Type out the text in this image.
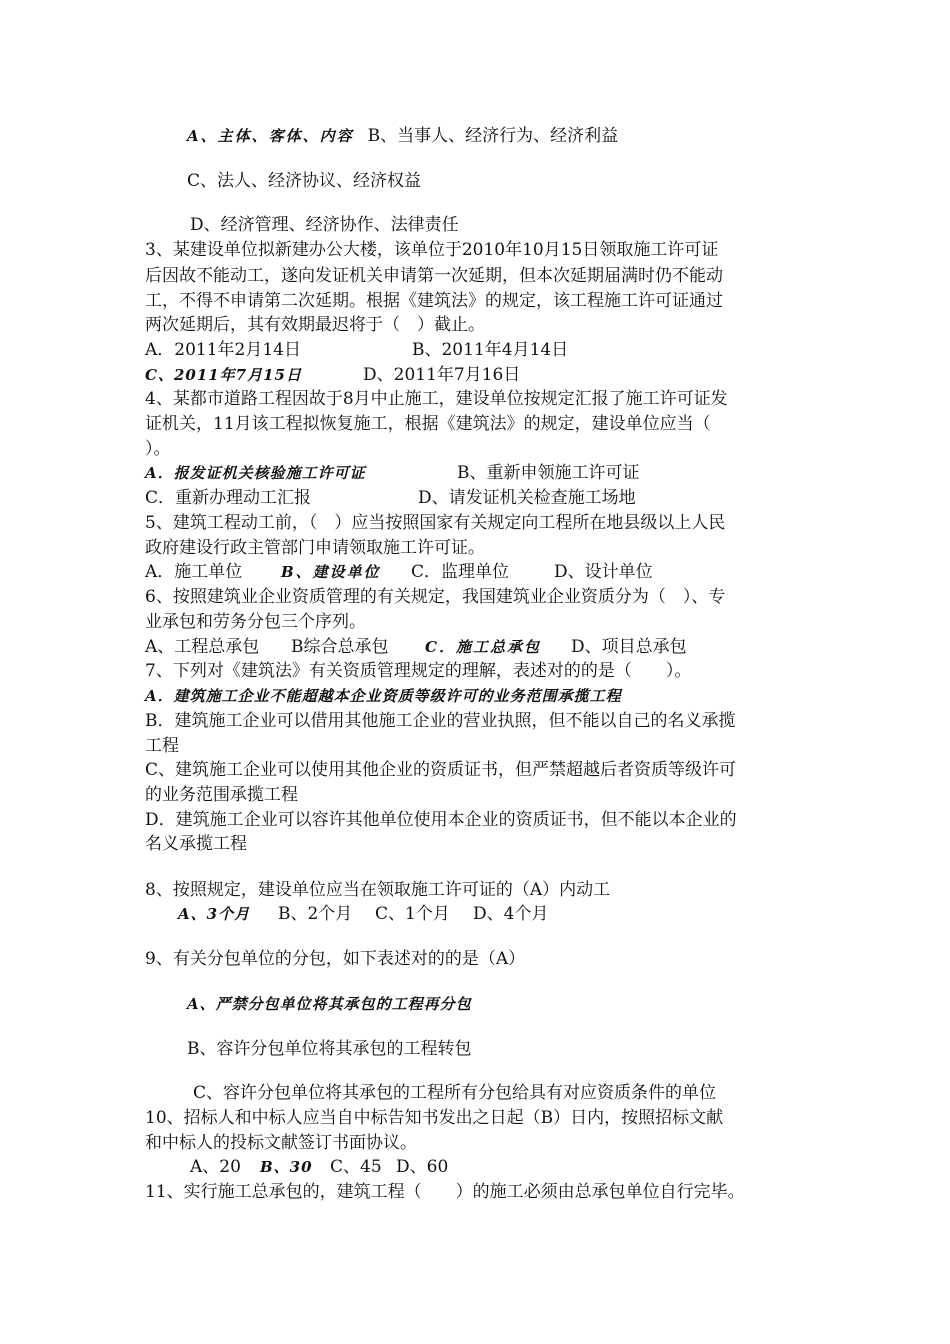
A、主体、客体、内容 B、当事人、经济行为、经济利益
C、法人、经济协议、经济权益
D、经济管理、经济协作、法律责任
3、某建设单位拟新建办公大楼，该单位于2010年10月15日领取施工许可证
后因故不能动工，遂向发证机关申请第一次延期，但本次延期届满时仍不能动
工，不得不申请第二次延期。根据《建筑法》的规定，该工程施工许可证通过
两次延期后，其有效期最迟将于（　）截止。
A．2011年2月14日	B、2011年4月14日
C、2011年7月15日	D、2011年7月16日
4、某都市道路工程因故于8月中止施工，建设单位按规定汇报了施工许可证发
证机关，11月该工程拟恢复施工，根据《建筑法》的规定，建设单位应当（
）。
A．报发证机关核验施工许可证	B、重新申领施工许可证
C．重新办理动工汇报	D、请发证机关检查施工场地
5、建筑工程动工前，（　）应当按照国家有关规定向工程所在地县级以上人民
政府建设行政主管部门申请领取施工许可证。
A．施工单位	B、建设单位 C．监理单位	D、设计单位
6、按照建筑业企业资质管理的有关规定，我国建筑业企业资质分为（　）、专
业承包和劳务分包三个序列。
A、工程总承包 B综合总承包 C．施工总承包 D、项目总承包
7、下列对《建筑法》有关资质管理规定的理解，表述对的的是（　　）。
A．建筑施工企业不能超越本企业资质等级许可的业务范围承揽工程
B．建筑施工企业可以借用其他施工企业的营业执照，但不能以自己的名义承揽
工程
C、建筑施工企业可以使用其他企业的资质证书，但严禁超越后者资质等级许可
的业务范围承揽工程
D．建筑施工企业可以容许其他单位使用本企业的资质证书，但不能以本企业的
名义承揽工程
8、按照规定，建设单位应当在领取施工许可证的（A）内动工
A、3个月 B、2个月 C、1个月 D、4个月
9、有关分包单位的分包，如下表述对的的是（A）
A、严禁分包单位将其承包的工程再分包
B、容许分包单位将其承包的工程转包
C、容许分包单位将其承包的工程所有分包给具有对应资质条件的单位
10、招标人和中标人应当自中标告知书发出之日起（B）日内，按照招标文献
和中标人的投标文献签订书面协议。
A、20 B、30 C、45 D、60
11、实行施工总承包的，建筑工程（　　）的施工必须由总承包单位自行完毕。
